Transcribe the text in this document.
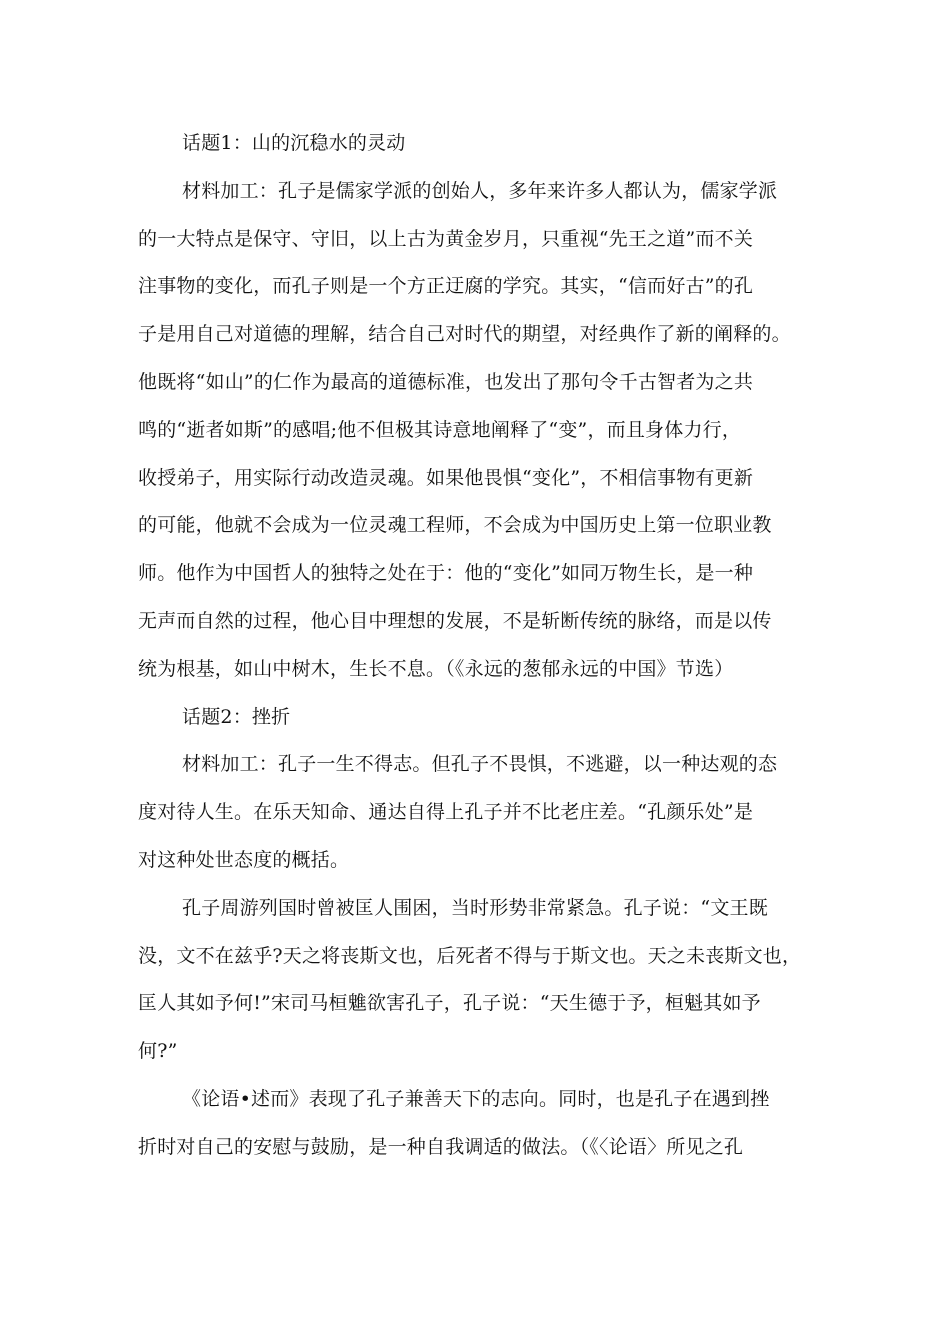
话题1：山的沉稳水的灵动
材料加工：孔子是儒家学派的创始人，多年来许多人都认为，儒家学派
的一大特点是保守、守旧，以上古为黄金岁月，只重视“先王之道”而不关
注事物的变化，而孔子则是一个方正迂腐的学究。其实，“信而好古”的孔
子是用自己对道德的理解，结合自己对时代的期望，对经典作了新的阐释的。
他既将“如山”的仁作为最高的道德标准，也发出了那句令千古智者为之共
鸣的“逝者如斯”的感唱;他不但极其诗意地阐释了“变”，而且身体力行，
收授弟子，用实际行动改造灵魂。如果他畏惧“变化”，不相信事物有更新
的可能，他就不会成为一位灵魂工程师，不会成为中国历史上第一位职业教
师。他作为中国哲人的独特之处在于：他的“变化”如同万物生长，是一种
无声而自然的过程，他心目中理想的发展，不是斩断传统的脉络，而是以传
统为根基，如山中树木，生长不息。（《永远的葱郁永远的中国》节选）
话题2：挫折
材料加工：孔子一生不得志。但孔子不畏惧，不逃避，以一种达观的态
度对待人生。在乐天知命、通达自得上孔子并不比老庄差。“孔颜乐处”是
对这种处世态度的概括。
孔子周游列国时曾被匡人围困，当时形势非常紧急。孔子说：“文王既
没，文不在兹乎?天之将丧斯文也，后死者不得与于斯文也。天之未丧斯文也，
匡人其如予何!”宋司马桓魋欲害孔子，孔子说：“天生德于予，桓魁其如予
何?”
《论语•述而》表现了孔子兼善天下的志向。同时，也是孔子在遇到挫
折时对自己的安慰与鼓励，是一种自我调适的做法。（《〈论语〉所见之孔
